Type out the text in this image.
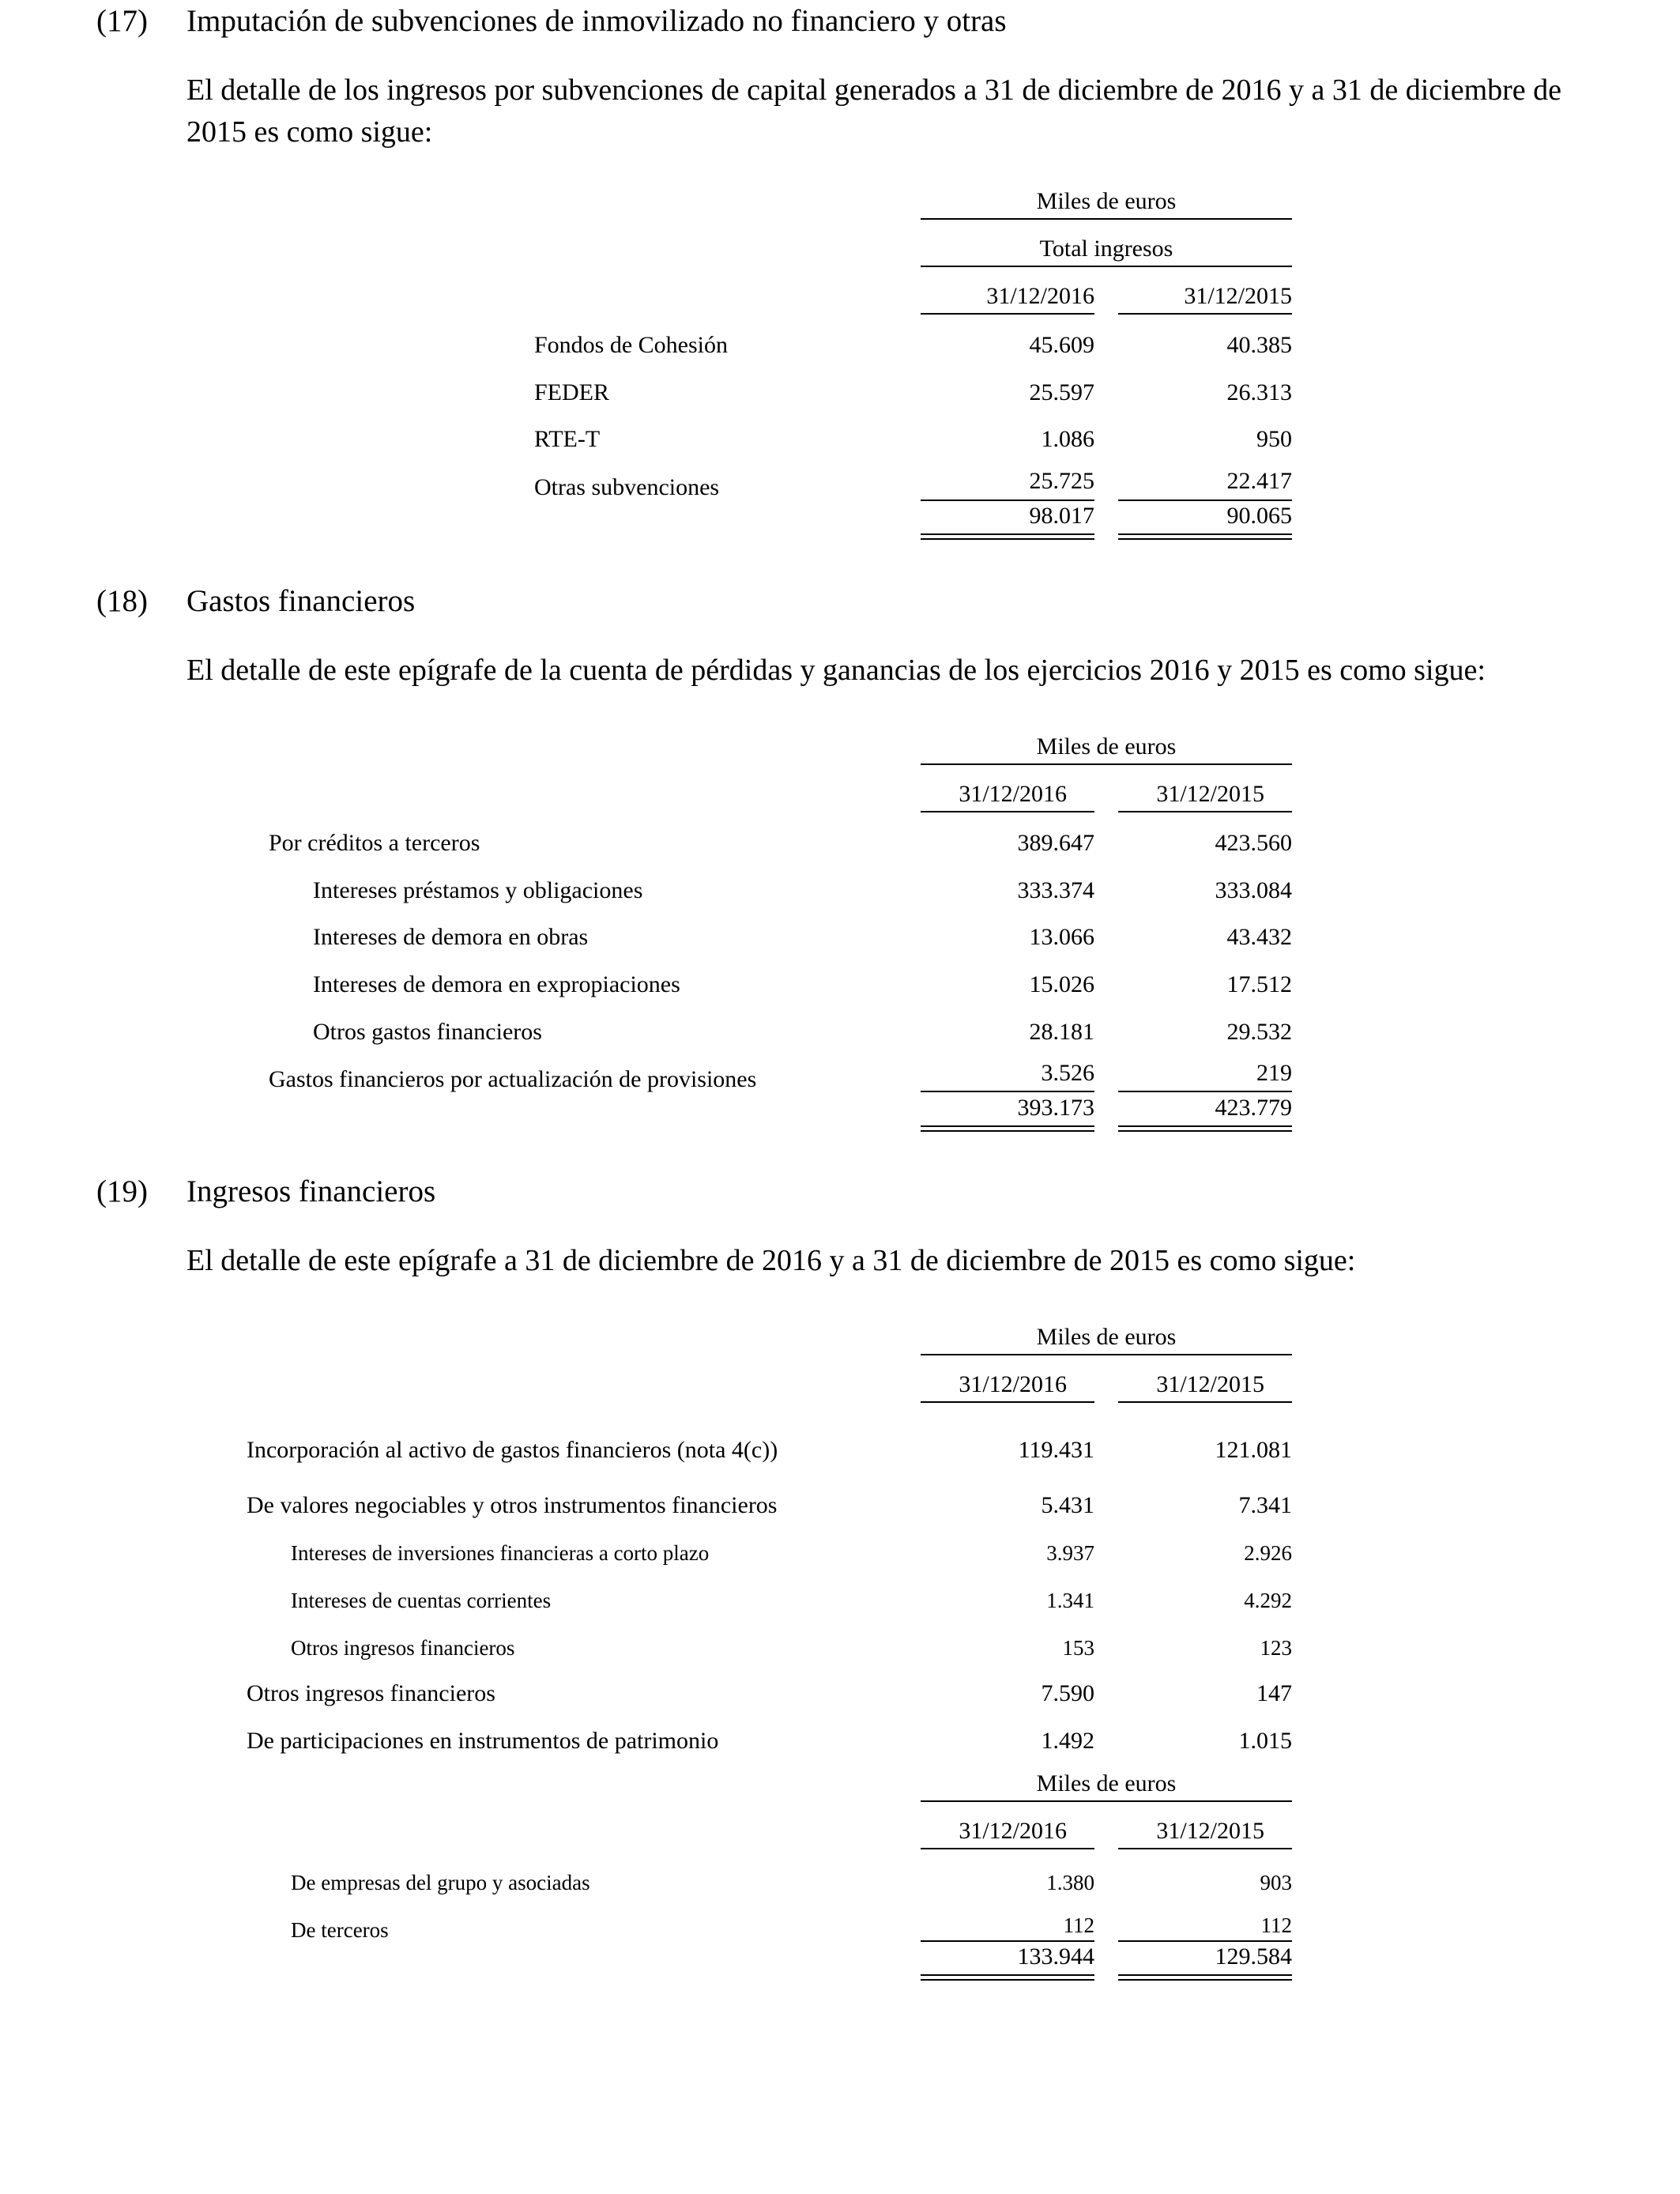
(17) Imputación de subvenciones de inmovilizado no financiero y otras
El detalle de los ingresos por subvenciones de capital generados a 31 de diciembre de 2016 y a 31 de diciembre de 2015 es como sigue:
Miles de euros
Total ingresos
31/12/2016	31/12/2015
Fondos de Cohesión	45.609	40.385
FEDER	25.597	26.313
RTE-T	1.086	950
Otras subvenciones	25.725	22.417
98.017	90.065
(18) Gastos financieros
El detalle de este epígrafe de la cuenta de pérdidas y ganancias de los ejercicios 2016 y 2015 es como sigue:
Miles de euros
31/12/2016	31/12/2015
Por créditos a terceros	389.647	423.560
Intereses préstamos y obligaciones	333.374	333.084
Intereses de demora en obras	13.066	43.432
Intereses de demora en expropiaciones	15.026	17.512
Otros gastos financieros	28.181	29.532
Gastos financieros por actualización de provisiones	3.526	219
393.173	423.779
(19) Ingresos financieros
El detalle de este epígrafe a 31 de diciembre de 2016 y a 31 de diciembre de 2015 es como sigue:
Miles de euros
31/12/2016	31/12/2015
Incorporación al activo de gastos financieros (nota 4(c))	119.431	121.081
De valores negociables y otros instrumentos financieros	5.431	7.341
Intereses de inversiones financieras a corto plazo	3.937	2.926
Intereses de cuentas corrientes	1.341	4.292
Otros ingresos financieros	153	123
Otros ingresos financieros	7.590	147
De participaciones en instrumentos de patrimonio	1.492	1.015
Miles de euros
31/12/2016	31/12/2015
De empresas del grupo y asociadas	1.380	903
De terceros	112	112
133.944	129.584
